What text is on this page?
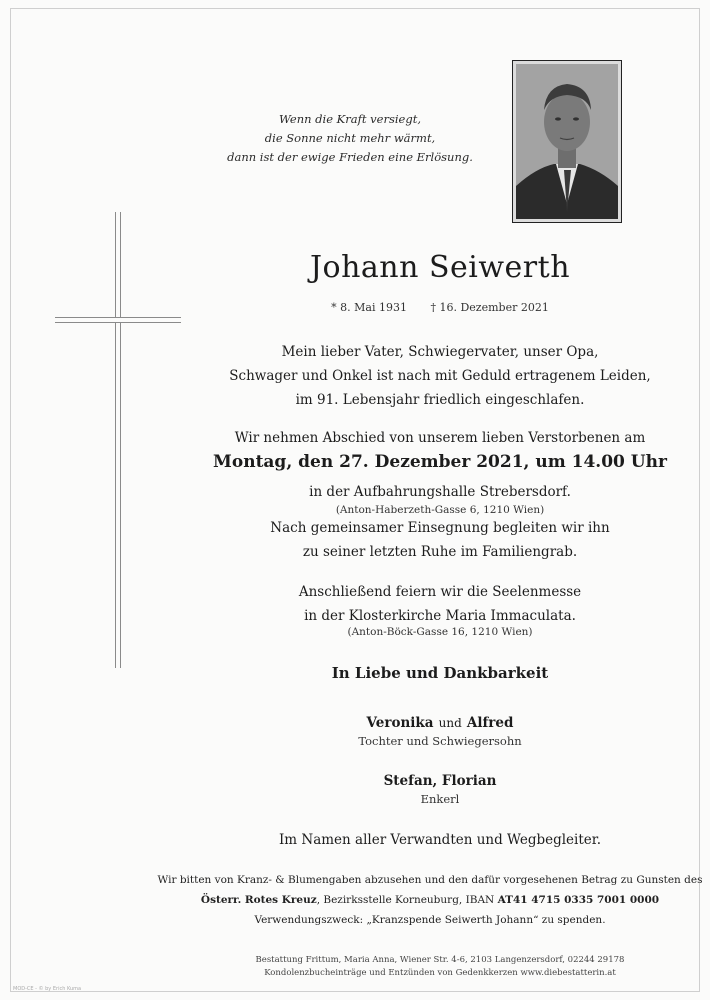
Wenn die Kraft versiegt,
die Sonne nicht mehr wärmt,
dann ist der ewige Frieden eine Erlösung.
Johann Seiwerth
* 8. Mai 1931 † 16. Dezember 2021
Mein lieber Vater, Schwiegervater, unser Opa,
Schwager und Onkel ist nach mit Geduld ertragenem Leiden,
im 91. Lebensjahr friedlich eingeschlafen.
Wir nehmen Abschied von unserem lieben Verstorbenen am
Montag, den 27. Dezember 2021, um 14.00 Uhr
in der Aufbahrungshalle Strebersdorf.
(Anton-Haberzeth-Gasse 6, 1210 Wien)
Nach gemeinsamer Einsegnung begleiten wir ihn
zu seiner letzten Ruhe im Familiengrab.
Anschließend feiern wir die Seelenmesse
in der Klosterkirche Maria Immaculata.
(Anton-Böck-Gasse 16, 1210 Wien)
In Liebe und Dankbarkeit
Veronika und Alfred
Tochter und Schwiegersohn
Stefan, Florian
Enkerl
Im Namen aller Verwandten und Wegbegleiter.
Wir bitten von Kranz- & Blumengaben abzusehen und den dafür vorgesehenen Betrag zu Gunsten des
Österr. Rotes Kreuz, Bezirksstelle Korneuburg, IBAN AT41 4715 0335 7001 0000
Verwendungszweck: „Kranzspende Seiwerth Johann“ zu spenden.
Bestattung Frittum, Maria Anna, Wiener Str. 4-6, 2103 Langenzersdorf, 02244 29178
Kondolenzbucheinträge und Entzünden von Gedenkkerzen www.diebestatterin.at
MOD-CE - © by Erich Kuma
